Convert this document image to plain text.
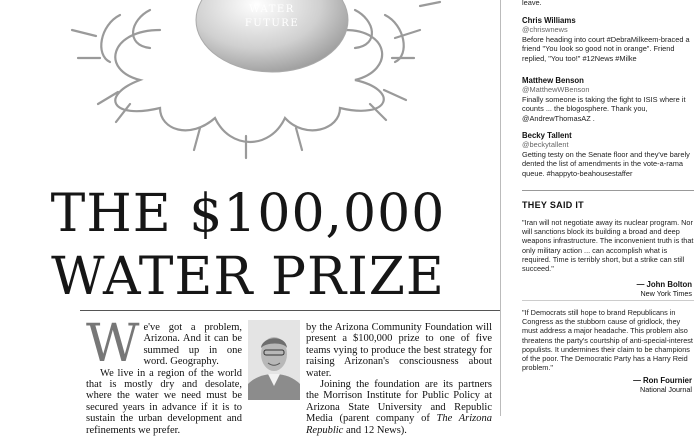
WATER
FUTURE
THE $100,000
WATER PRIZE
W e've got a problem, Arizona. And it can be summed up in one word. Geography.

We live in a region of the world that is mostly dry and desolate, where the water we need must be secured years in advance if it is to sustain the urban development and refinements we prefer.

by the Arizona Community Foundation will present a $100,000 prize to one of five teams vying to produce the best strategy for raising Arizonan's consciousness about water.

Joining the foundation are its partners the Morrison Institute for Public Policy at Arizona State University and Republic Media (parent company of The Arizona Republic and 12 News).

leave.
Chris Williams
@chriswnews
Before heading into court #DebraMilkeem-braced a friend "You look so good not in orange". Friend replied, "You too!" #12News #Milke
Matthew Benson
@MatthewWBenson
Finally someone is taking the fight to ISIS where it counts ... the blogosphere. Thank you, @AndrewThomasAZ .
Becky Tallent
@beckytallent
Getting testy on the Senate floor and they've barely dented the list of amendments in the vote-a-rama queue. #happyto-beahousestaffer
THEY SAID IT

"Iran will not negotiate away its nuclear program. Nor will sanctions block its building a broad and deep weapons infrastructure. The inconvenient truth is that only military action ... can accomplish what is required. Time is terribly short, but a strike can still succeed."

— John Bolton
New York Times

"If Democrats still hope to brand Republicans in Congress as the stubborn cause of gridlock, they must address a major headache. This problem also threatens the party's courtship of anti-special-interest populists. It undermines their claim to be champions of the poor. The Democratic Party has a Harry Reid problem."

— Ron Fournier
National Journal
